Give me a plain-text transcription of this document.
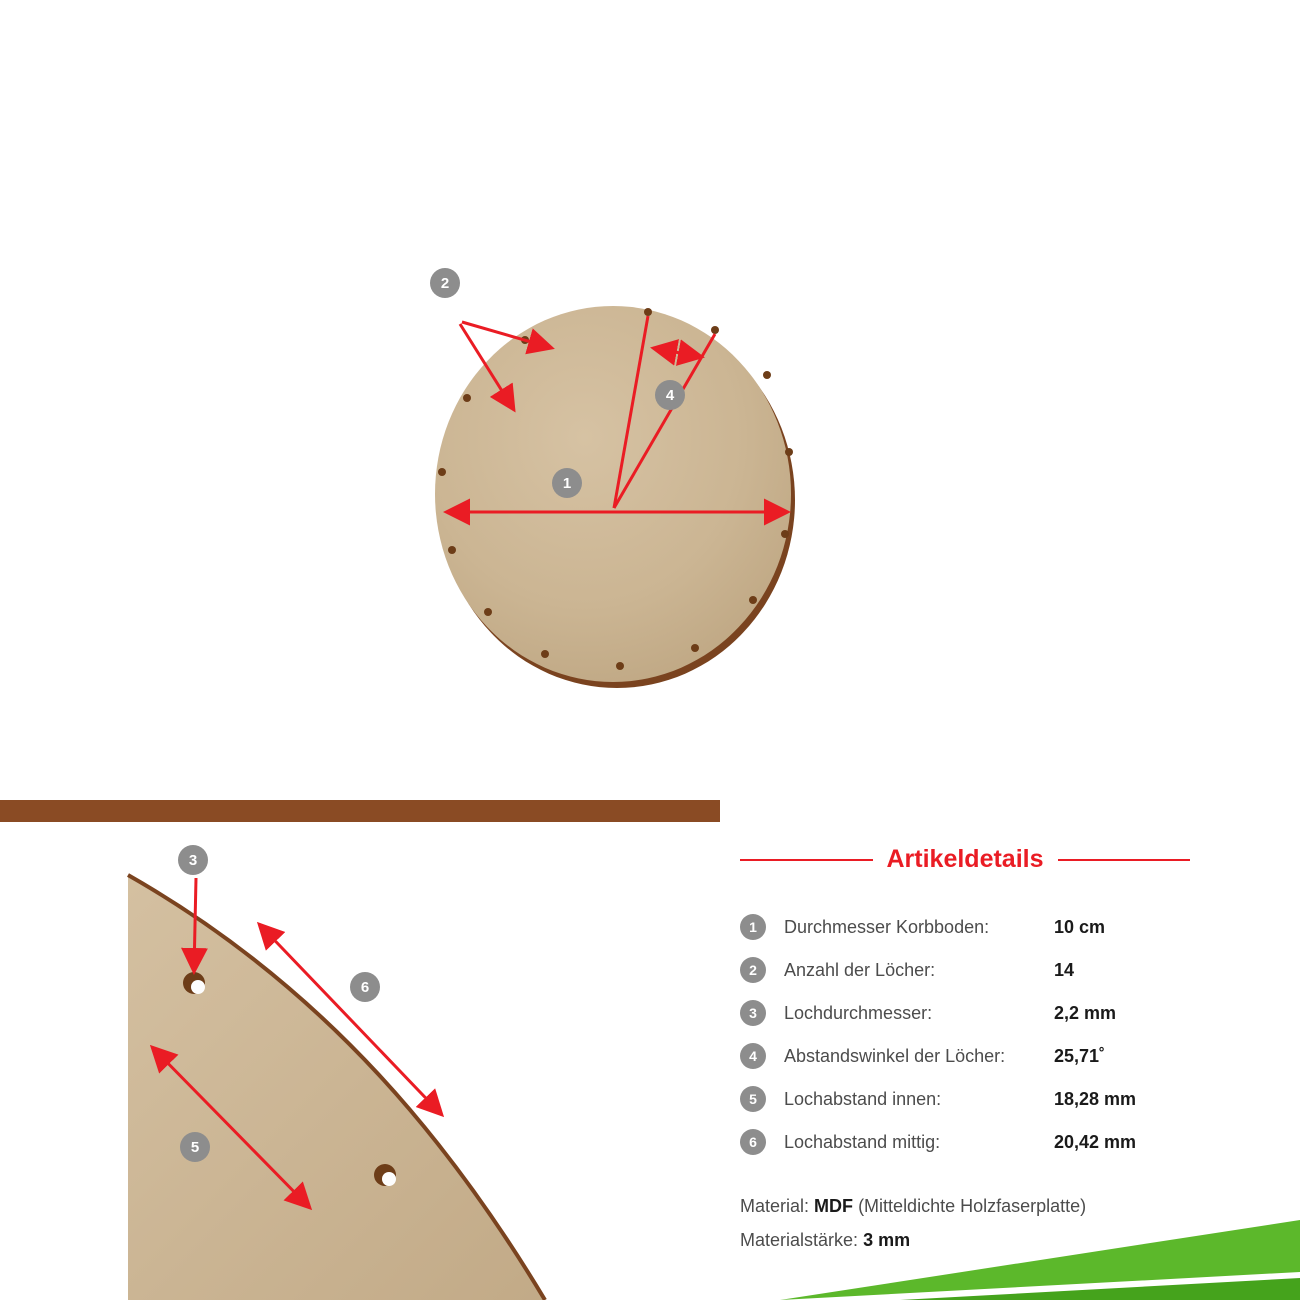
2
4
1
3
6
5
Artikeldetails
1	Durchmesser Korbboden:	10 cm
2	Anzahl der Löcher:	14
3	Lochdurchmesser:	2,2 mm
4	Abstandswinkel der Löcher:	25,71˚
5	Lochabstand innen:	18,28 mm
6	Lochabstand mittig:	20,42 mm
Material: MDF (Mitteldichte Holzfaserplatte)
Materialstärke: 3 mm
